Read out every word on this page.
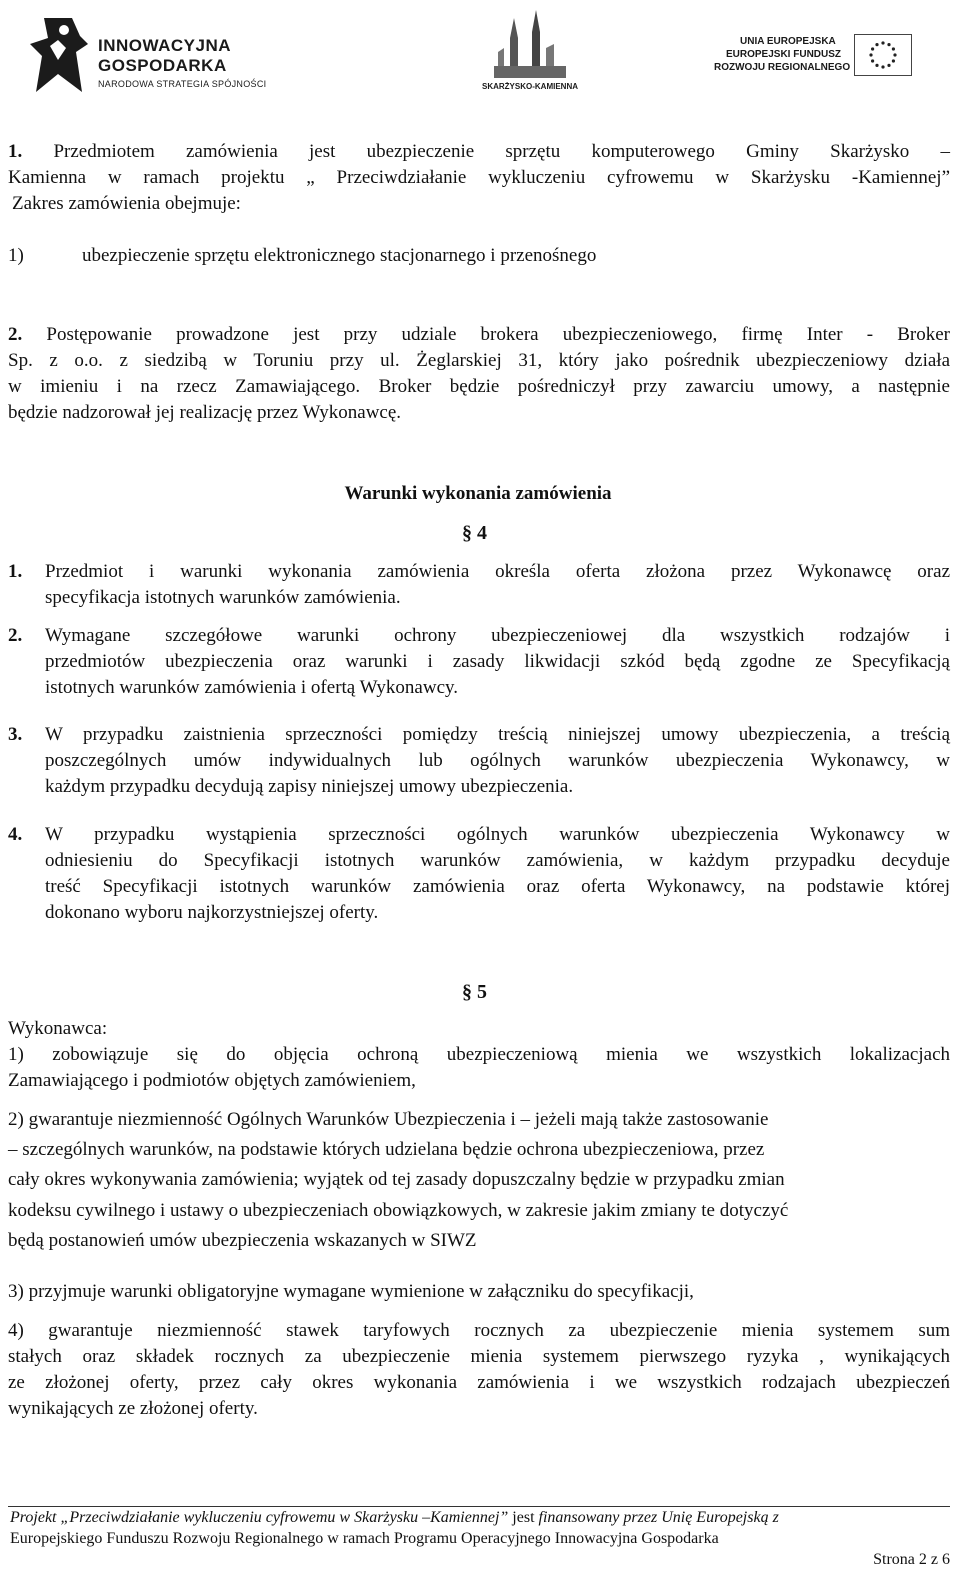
INNOWACYJNA
GOSPODARKA
NARODOWA STRATEGIA SPÓJNOŚCI	SKARŻYSKO-KAMIENNA
UNIA EUROPEJSKA
EUROPEJSKI FUNDUSZ
ROZWOJU REGIONALNEGO
1. Przedmiotem zamówienia jest ubezpieczenie sprzętu komputerowego Gminy Skarżysko –
Kamienna w ramach projektu „ Przeciwdziałanie wykluczeniu cyfrowemu w Skarżysku -Kamiennej”
Zakres zamówienia obejmuje:
1)	ubezpieczenie sprzętu elektronicznego stacjonarnego i przenośnego
2. Postępowanie prowadzone jest przy udziale brokera ubezpieczeniowego, firmę Inter - Broker
Sp. z o.o. z siedzibą w Toruniu przy ul. Żeglarskiej 31, który jako pośrednik ubezpieczeniowy działa
w imieniu i na rzecz Zamawiającego. Broker będzie pośredniczył przy zawarciu umowy, a następnie
będzie nadzorował jej realizację przez Wykonawcę.
Warunki wykonania zamówienia
§ 4
1.	Przedmiot i warunki wykonania zamówienia określa oferta złożona przez Wykonawcę oraz
specyfikacja istotnych warunków zamówienia.
2.	Wymagane szczegółowe warunki ochrony ubezpieczeniowej dla wszystkich rodzajów i
przedmiotów ubezpieczenia oraz warunki i zasady likwidacji szkód będą zgodne ze Specyfikacją
istotnych warunków zamówienia i ofertą Wykonawcy.
3.	W przypadku zaistnienia sprzeczności pomiędzy treścią niniejszej umowy ubezpieczenia, a treścią
poszczególnych umów indywidualnych lub ogólnych warunków ubezpieczenia Wykonawcy, w
każdym przypadku decydują zapisy niniejszej umowy ubezpieczenia.
4.	W przypadku wystąpienia sprzeczności ogólnych warunków ubezpieczenia Wykonawcy w
odniesieniu do Specyfikacji istotnych warunków zamówienia, w każdym przypadku decyduje
treść Specyfikacji istotnych warunków zamówienia oraz oferta Wykonawcy, na podstawie której
dokonano wyboru najkorzystniejszej oferty.
§ 5
Wykonawca:
1) zobowiązuje się do objęcia ochroną ubezpieczeniową mienia we wszystkich lokalizacjach
Zamawiającego i podmiotów objętych zamówieniem,
2) gwarantuje niezmienność Ogólnych Warunków Ubezpieczenia i – jeżeli mają także zastosowanie
– szczególnych warunków, na podstawie których udzielana będzie ochrona ubezpieczeniowa, przez
cały okres wykonywania zamówienia; wyjątek od tej zasady dopuszczalny będzie w przypadku zmian
kodeksu cywilnego i ustawy o ubezpieczeniach obowiązkowych, w zakresie jakim zmiany te dotyczyć
będą postanowień umów ubezpieczenia wskazanych w SIWZ
3) przyjmuje warunki obligatoryjne wymagane wymienione w załączniku do specyfikacji,
4) gwarantuje niezmienność stawek taryfowych rocznych za ubezpieczenie mienia systemem sum
stałych oraz składek rocznych za ubezpieczenie mienia systemem pierwszego ryzyka , wynikających
ze złożonej oferty, przez cały okres wykonania zamówienia i we wszystkich rodzajach ubezpieczeń
wynikających ze złożonej oferty.
Projekt „Przeciwdziałanie wykluczeniu cyfrowemu w Skarżysku –Kamiennej” jest finansowany przez Unię Europejską z
Europejskiego Funduszu Rozwoju Regionalnego w ramach Programu Operacyjnego Innowacyjna Gospodarka
Strona 2 z 6
